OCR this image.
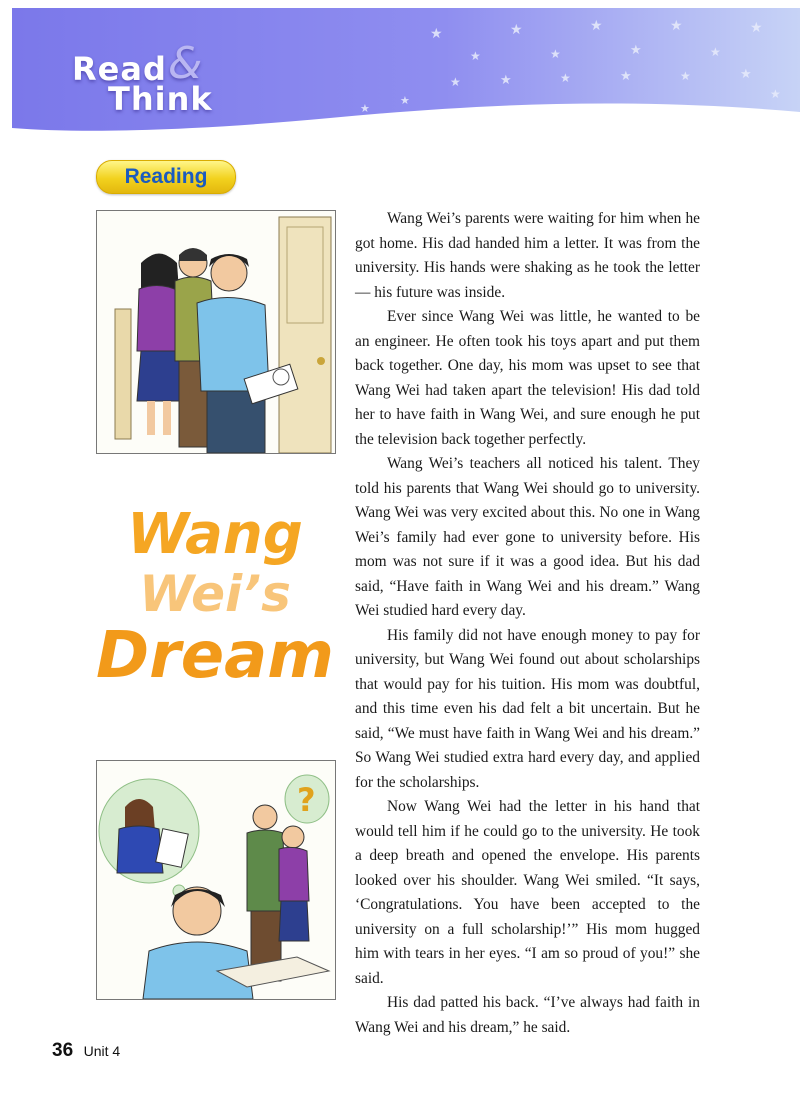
★
★
★
★
★
★
★
★
★
★	★	★	★	★	★
★
★
★
Read &
Think
Reading
Wang
Wei’s
Dream
?

Wang Wei’s parents were waiting for him when he got home. His dad handed him a letter. It was from the university. His hands were shaking as he took the letter — his future was inside.

Ever since Wang Wei was little, he wanted to be an engineer. He often took his toys apart and put them back together. One day, his mom was upset to see that Wang Wei had taken apart the television! His dad told her to have faith in Wang Wei, and sure enough he put the television back together perfectly.

Wang Wei’s teachers all noticed his talent. They told his parents that Wang Wei should go to university. Wang Wei was very excited about this. No one in Wang Wei’s family had ever gone to university before. His mom was not sure if it was a good idea. But his dad said, “Have faith in Wang Wei and his dream.” Wang Wei studied hard every day.

His family did not have enough money to pay for university, but Wang Wei found out about scholarships that would pay for his tuition. His mom was doubtful, and this time even his dad felt a bit uncertain. But he said, “We must have faith in Wang Wei and his dream.” So Wang Wei studied extra hard every day, and applied for the scholarships.

Now Wang Wei had the letter in his hand that would tell him if he could go to the university. He took a deep breath and opened the envelope. His parents looked over his shoulder. Wang Wei smiled. “It says, ‘Congratulations. You have been accepted to the university on a full scholarship!’” His mom hugged him with tears in her eyes. “I am so proud of you!” she said.

His dad patted his back. “I’ve always had faith in Wang Wei and his dream,” he said.

36 Unit 4
